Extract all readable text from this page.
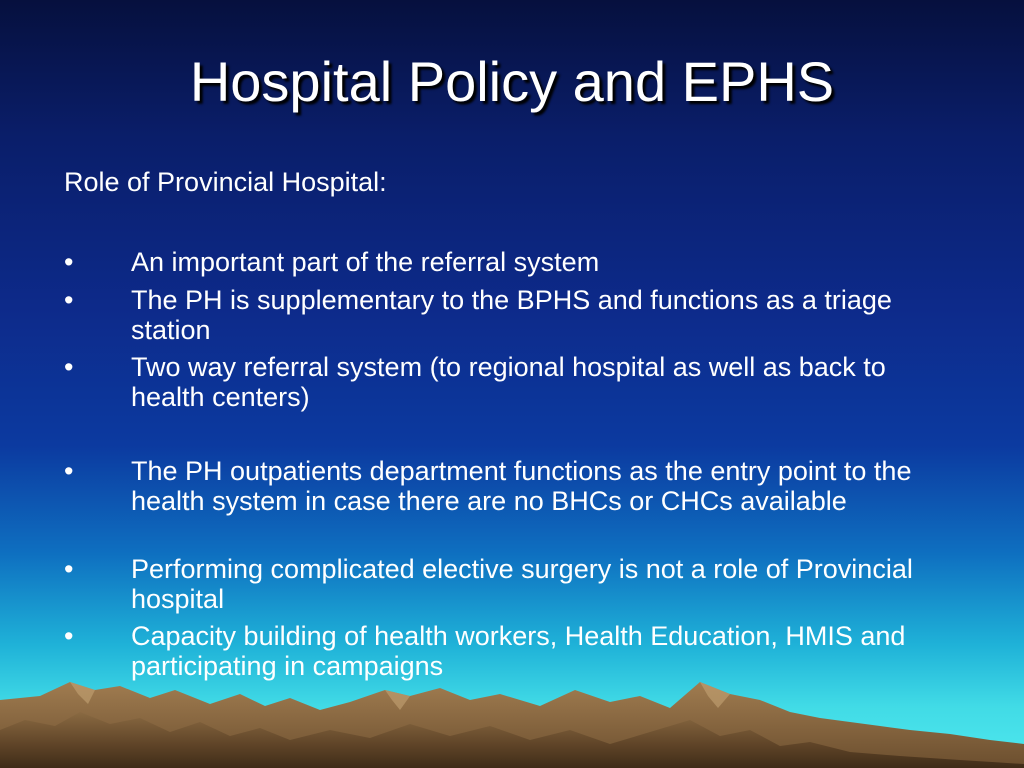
Hospital Policy and EPHS
Role of Provincial Hospital:
•	An important part of the referral system
•	The PH is supplementary to the BPHS and functions as a triage station
•	Two way referral system (to regional hospital as well as back to health centers)
•	The PH outpatients department functions as the entry point to the health system in case there are no BHCs or CHCs available
•	Performing complicated elective surgery is not a role of Provincial hospital
•	Capacity building of health workers, Health Education, HMIS and participating in campaigns
